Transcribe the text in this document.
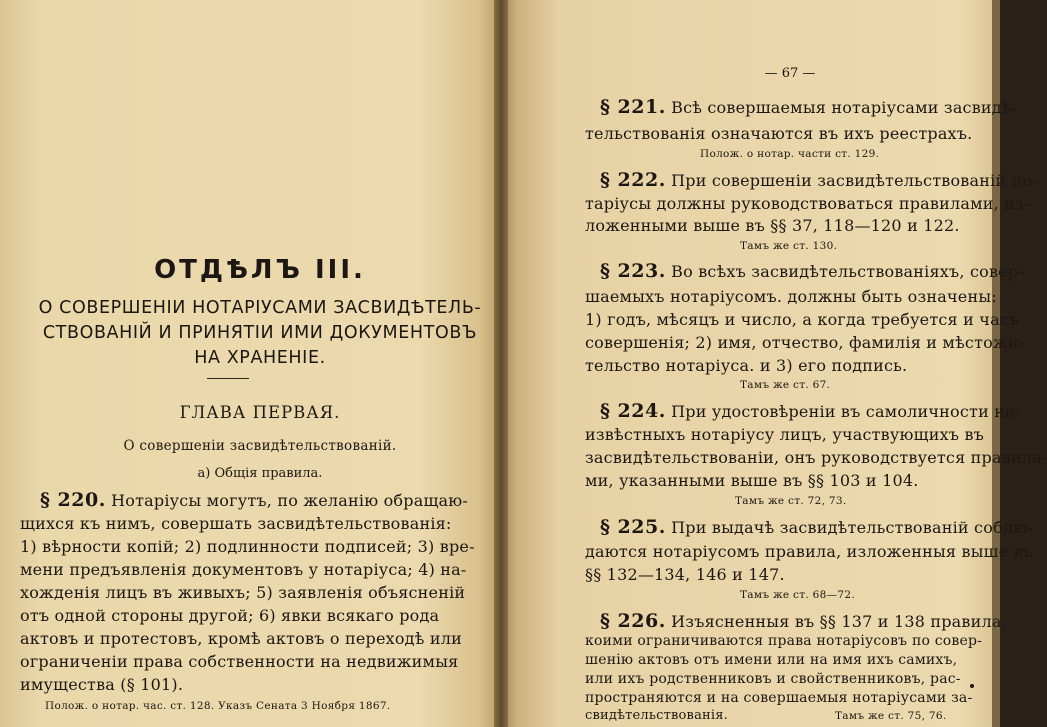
ОТДѢЛЪ III.
О СОВЕРШЕНІИ НОТАРІУСАМИ ЗАСВИДѢТЕЛЬ-СТВОВАНІЙ И ПРИНЯТІИ ИМИ ДОКУМЕНТОВЪ НА ХРАНЕНІЕ.
ГЛАВА ПЕРВАЯ.
О совершеніи засвидѣтельствованій.
а) Общія правила.
§ 220. Нотаріусы могутъ, по желанію обращаю-
щихся къ нимъ, совершать засвидѣтельствованія:
1) вѣрности копій; 2) подлинности подписей; 3) вре-
мени предъявленія документовъ у нотаріуса; 4) на-
хожденія лицъ въ живыхъ; 5) заявленія объясненій
отъ одной стороны другой; 6) явки всякаго рода
актовъ и протестовъ, кромѣ актовъ о переходѣ или
ограниченіи права собственности на недвижимыя
имущества (§ 101).
Полож. о нотар. час. ст. 128. Указъ Сената 3 Ноября 1867.
— 67 —
§ 221. Всѣ совершаемыя нотаріусами засвидѣ-
тельствованія означаются въ ихъ реестрахъ.
Полож. о нотар. части ст. 129.
§ 222. При совершеніи засвидѣтельствованій но-
таріусы должны руководствоваться правилами, из-
ложенными выше въ §§ 37, 118—120 и 122.
Тамъ же ст. 130.
§ 223. Во всѣхъ засвидѣтельствованіяхъ, совер-
шаемыхъ нотаріусомъ. должны быть означены:
1) годъ, мѣсяцъ и число, а когда требуется и часъ
совершенія; 2) имя, отчество, фамилія и мѣстожи-
тельство нотаріуса. и 3) его подпись.
Тамъ же ст. 67.
§ 224. При удостовѣреніи въ самоличности не-
извѣстныхъ нотаріусу лицъ, участвующихъ въ
засвидѣтельствованіи, онъ руководствуется правила-
ми, указанными выше въ §§ 103 и 104.
Тамъ же ст. 72, 73.
§ 225. При выдачѣ засвидѣтельствованій соблю-
даются нотаріусомъ правила, изложенныя выше въ
§§ 132—134, 146 и 147.
Тамъ же ст. 68—72.
§ 226. Изъясненныя въ §§ 137 и 138 правила,
коими ограничиваются права нотаріусовъ по совер-
шенію актовъ отъ имени или на имя ихъ самихъ,
или ихъ родственниковъ и свойственниковъ, рас-
пространяются и на совершаемыя нотаріусами за-
свидѣтельствованія.	Тамъ же ст. 75, 76.
